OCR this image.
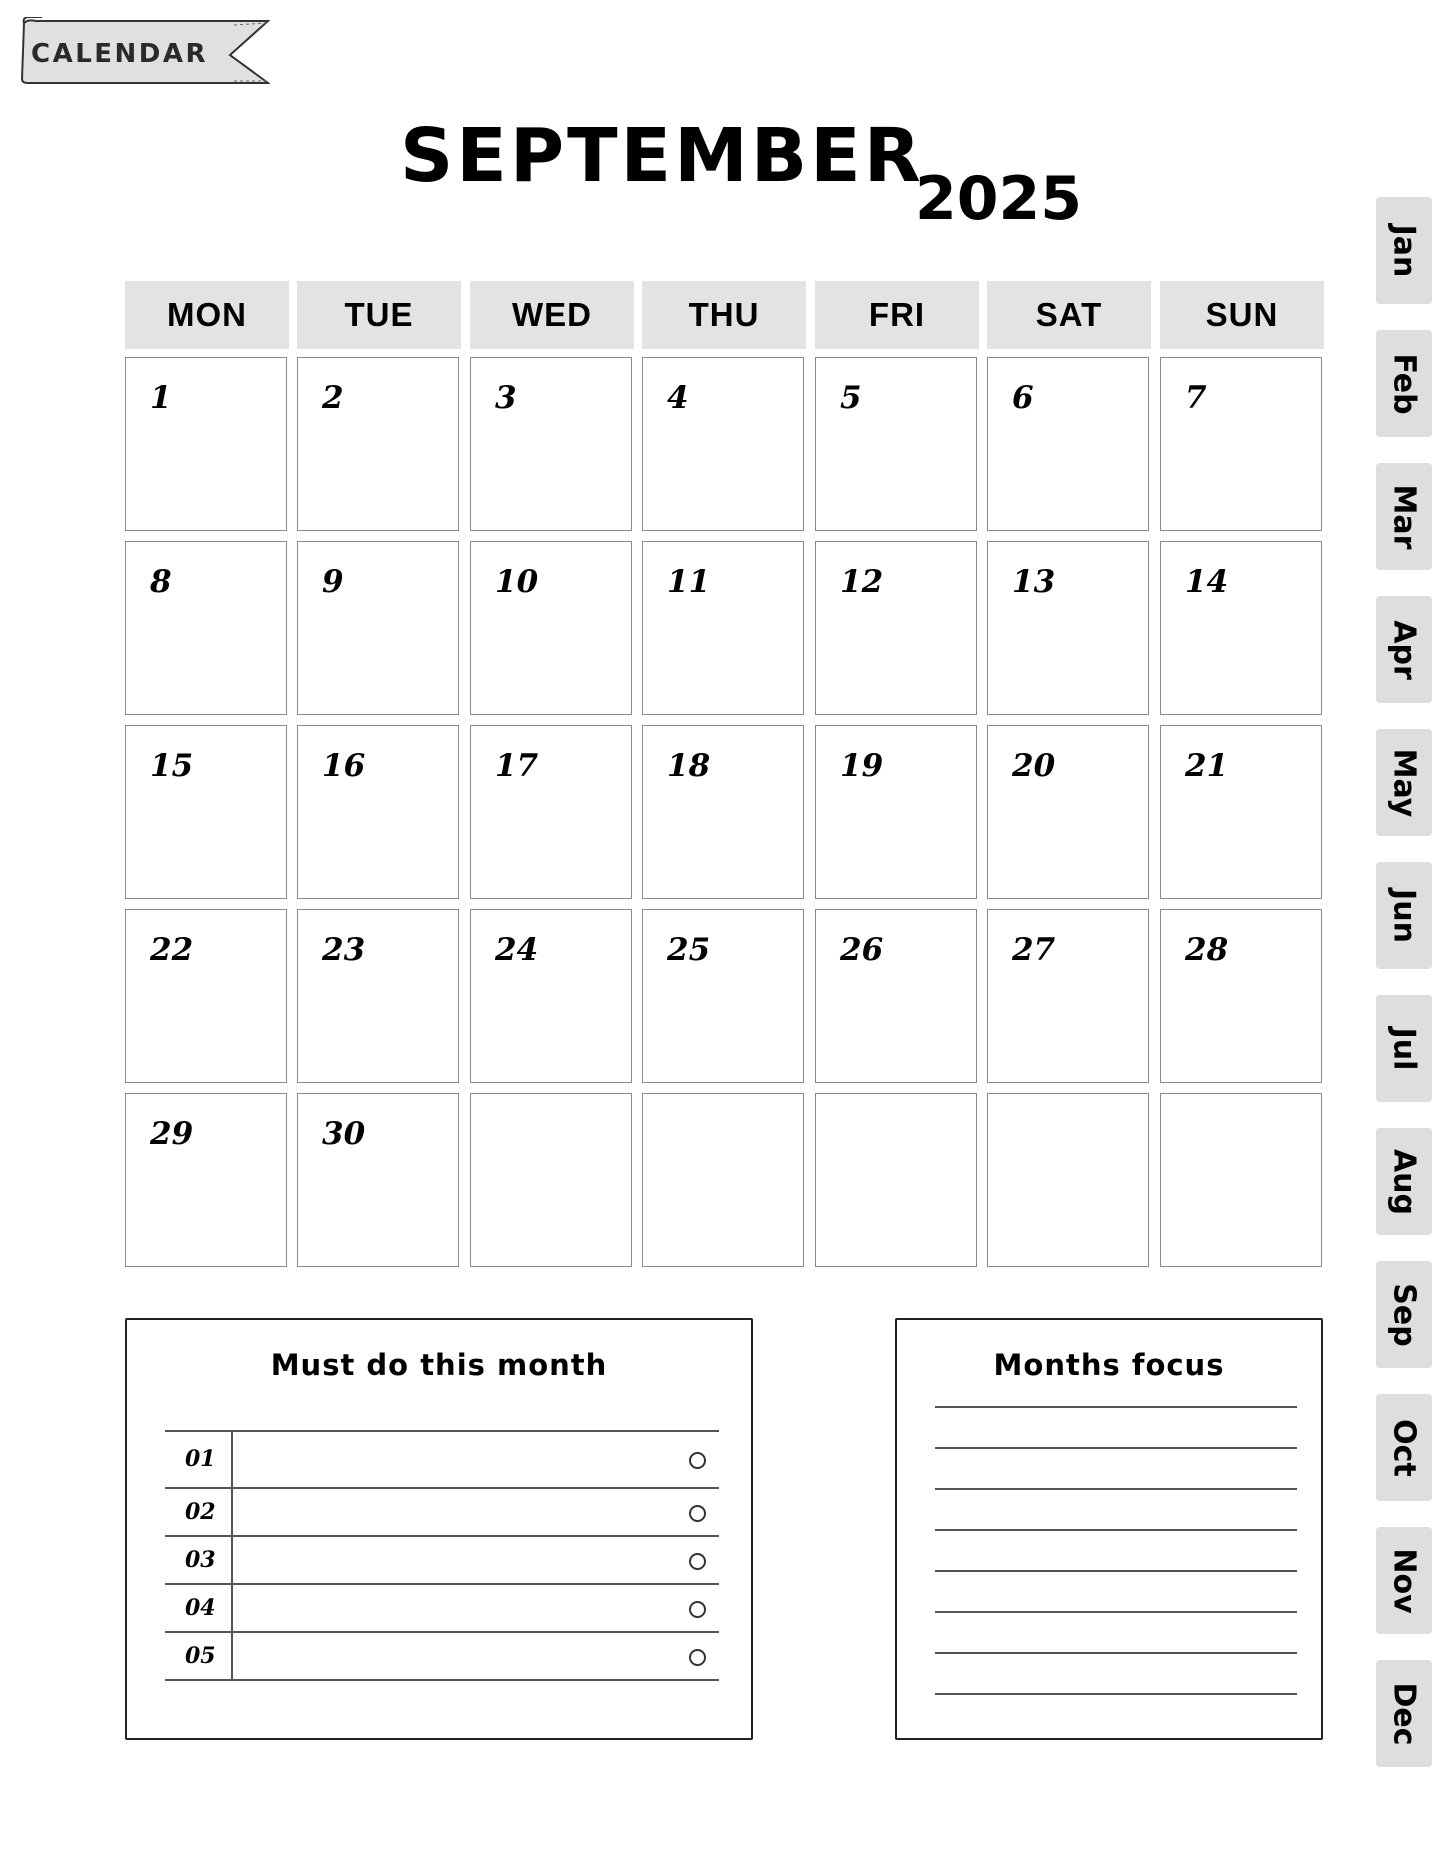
CALENDAR
SEPTEMBER
2025
MON	TUE	WED	THU	FRI	SAT	SUN
1	2	3	4	5	6	7
8	9	10	11	12	13	14
15	16	17	18	19	20	21
22	23	24	25	26	27	28
29	30
Jan
Feb
Mar
Apr
May
Jun
Jul
Aug
Sep
Oct
Nov
Dec
Must do this month
01
02
03
04
05
Months focus
